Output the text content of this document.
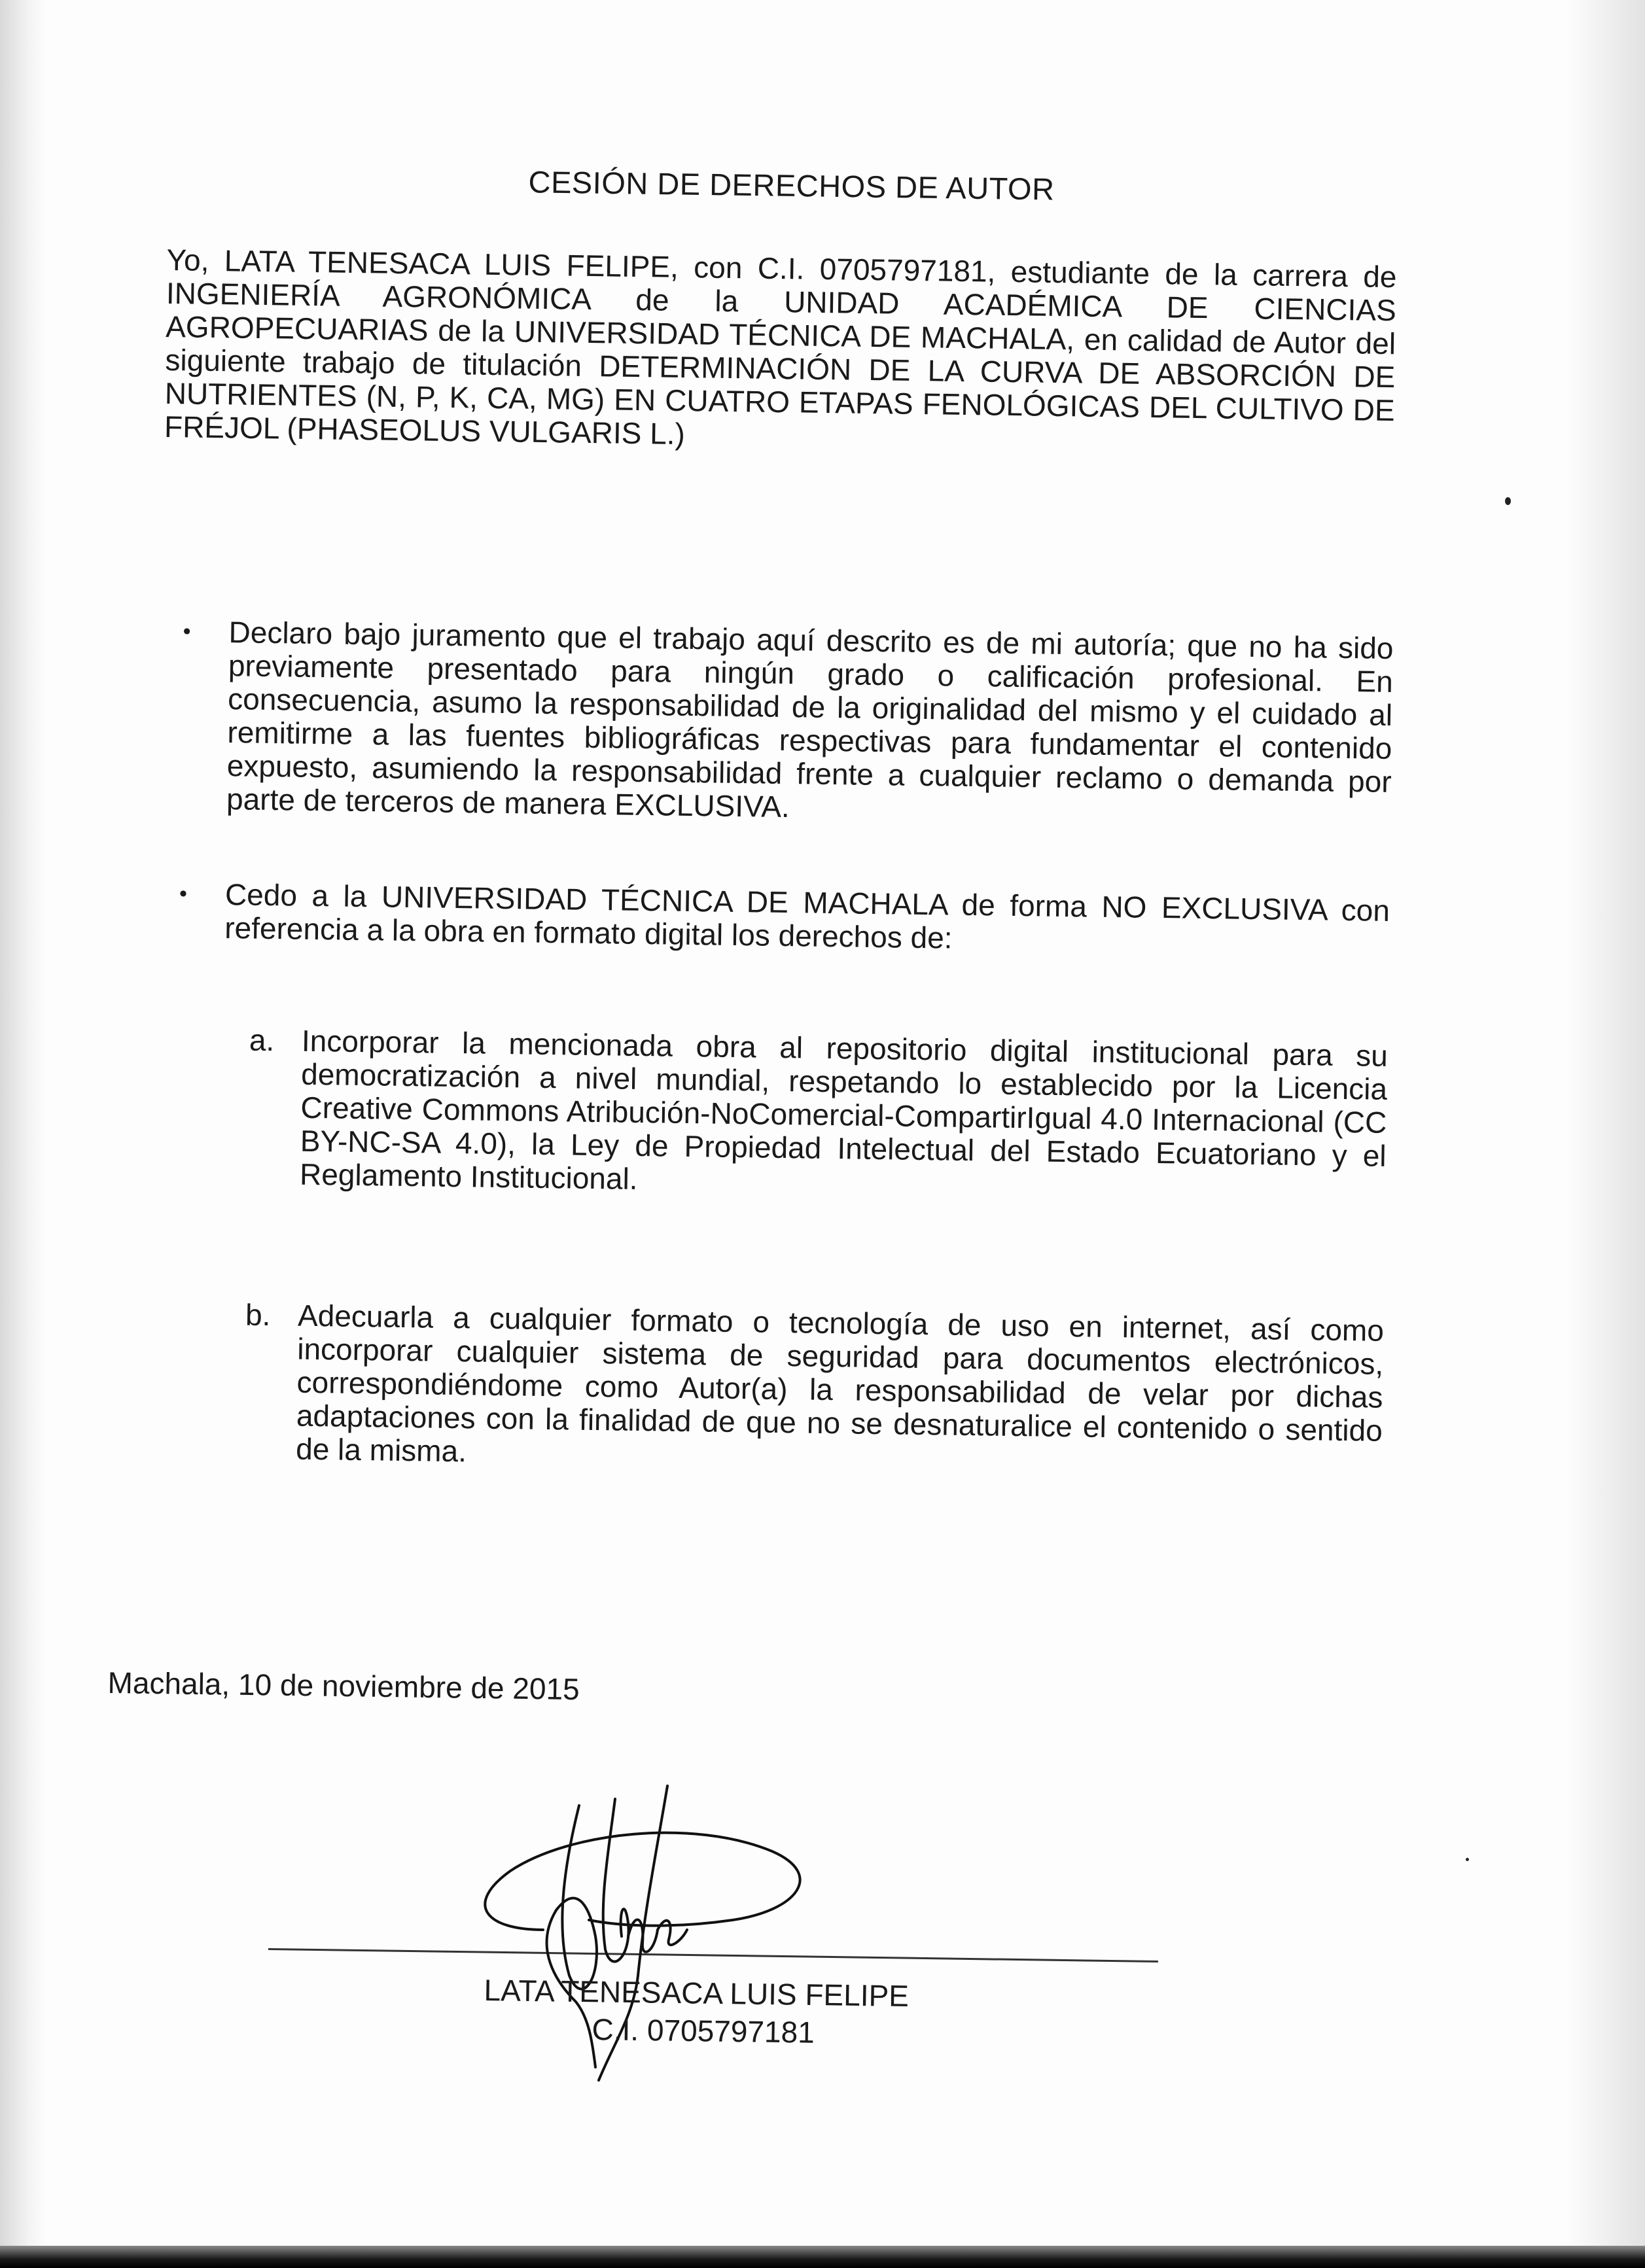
CESIÓN DE DERECHOS DE AUTOR
Yo, LATA TENESACA LUIS FELIPE, con C.I. 0705797181, estudiante de la carrera de INGENIERÍA AGRONÓMICA de la UNIDAD ACADÉMICA DE CIENCIAS AGROPECUARIAS de la UNIVERSIDAD TÉCNICA DE MACHALA, en calidad de Autor del siguiente trabajo de titulación DETERMINACIÓN DE LA CURVA DE ABSORCIÓN DE NUTRIENTES (N, P, K, CA, MG) EN CUATRO ETAPAS FENOLÓGICAS DEL CULTIVO DE FRÉJOL (PHASEOLUS VULGARIS L.)
• Declaro bajo juramento que el trabajo aquí descrito es de mi autoría; que no ha sido previamente presentado para ningún grado o calificación profesional. En consecuencia, asumo la responsabilidad de la originalidad del mismo y el cuidado al remitirme a las fuentes bibliográficas respectivas para fundamentar el contenido expuesto, asumiendo la responsabilidad frente a cualquier reclamo o demanda por parte de terceros de manera EXCLUSIVA.
• Cedo a la UNIVERSIDAD TÉCNICA DE MACHALA de forma NO EXCLUSIVA con referencia a la obra en formato digital los derechos de:
a. Incorporar la mencionada obra al repositorio digital institucional para su democratización a nivel mundial, respetando lo establecido por la Licencia Creative Commons Atribución-NoComercial-CompartirIgual 4.0 Internacional (CC BY-NC-SA 4.0), la Ley de Propiedad Intelectual del Estado Ecuatoriano y el Reglamento Institucional.
b. Adecuarla a cualquier formato o tecnología de uso en internet, así como incorporar cualquier sistema de seguridad para documentos electrónicos, correspondiéndome como Autor(a) la responsabilidad de velar por dichas adaptaciones con la finalidad de que no se desnaturalice el contenido o sentido de la misma.
Machala, 10 de noviembre de 2015
LATA TENESACA LUIS FELIPE
C.I. 0705797181
